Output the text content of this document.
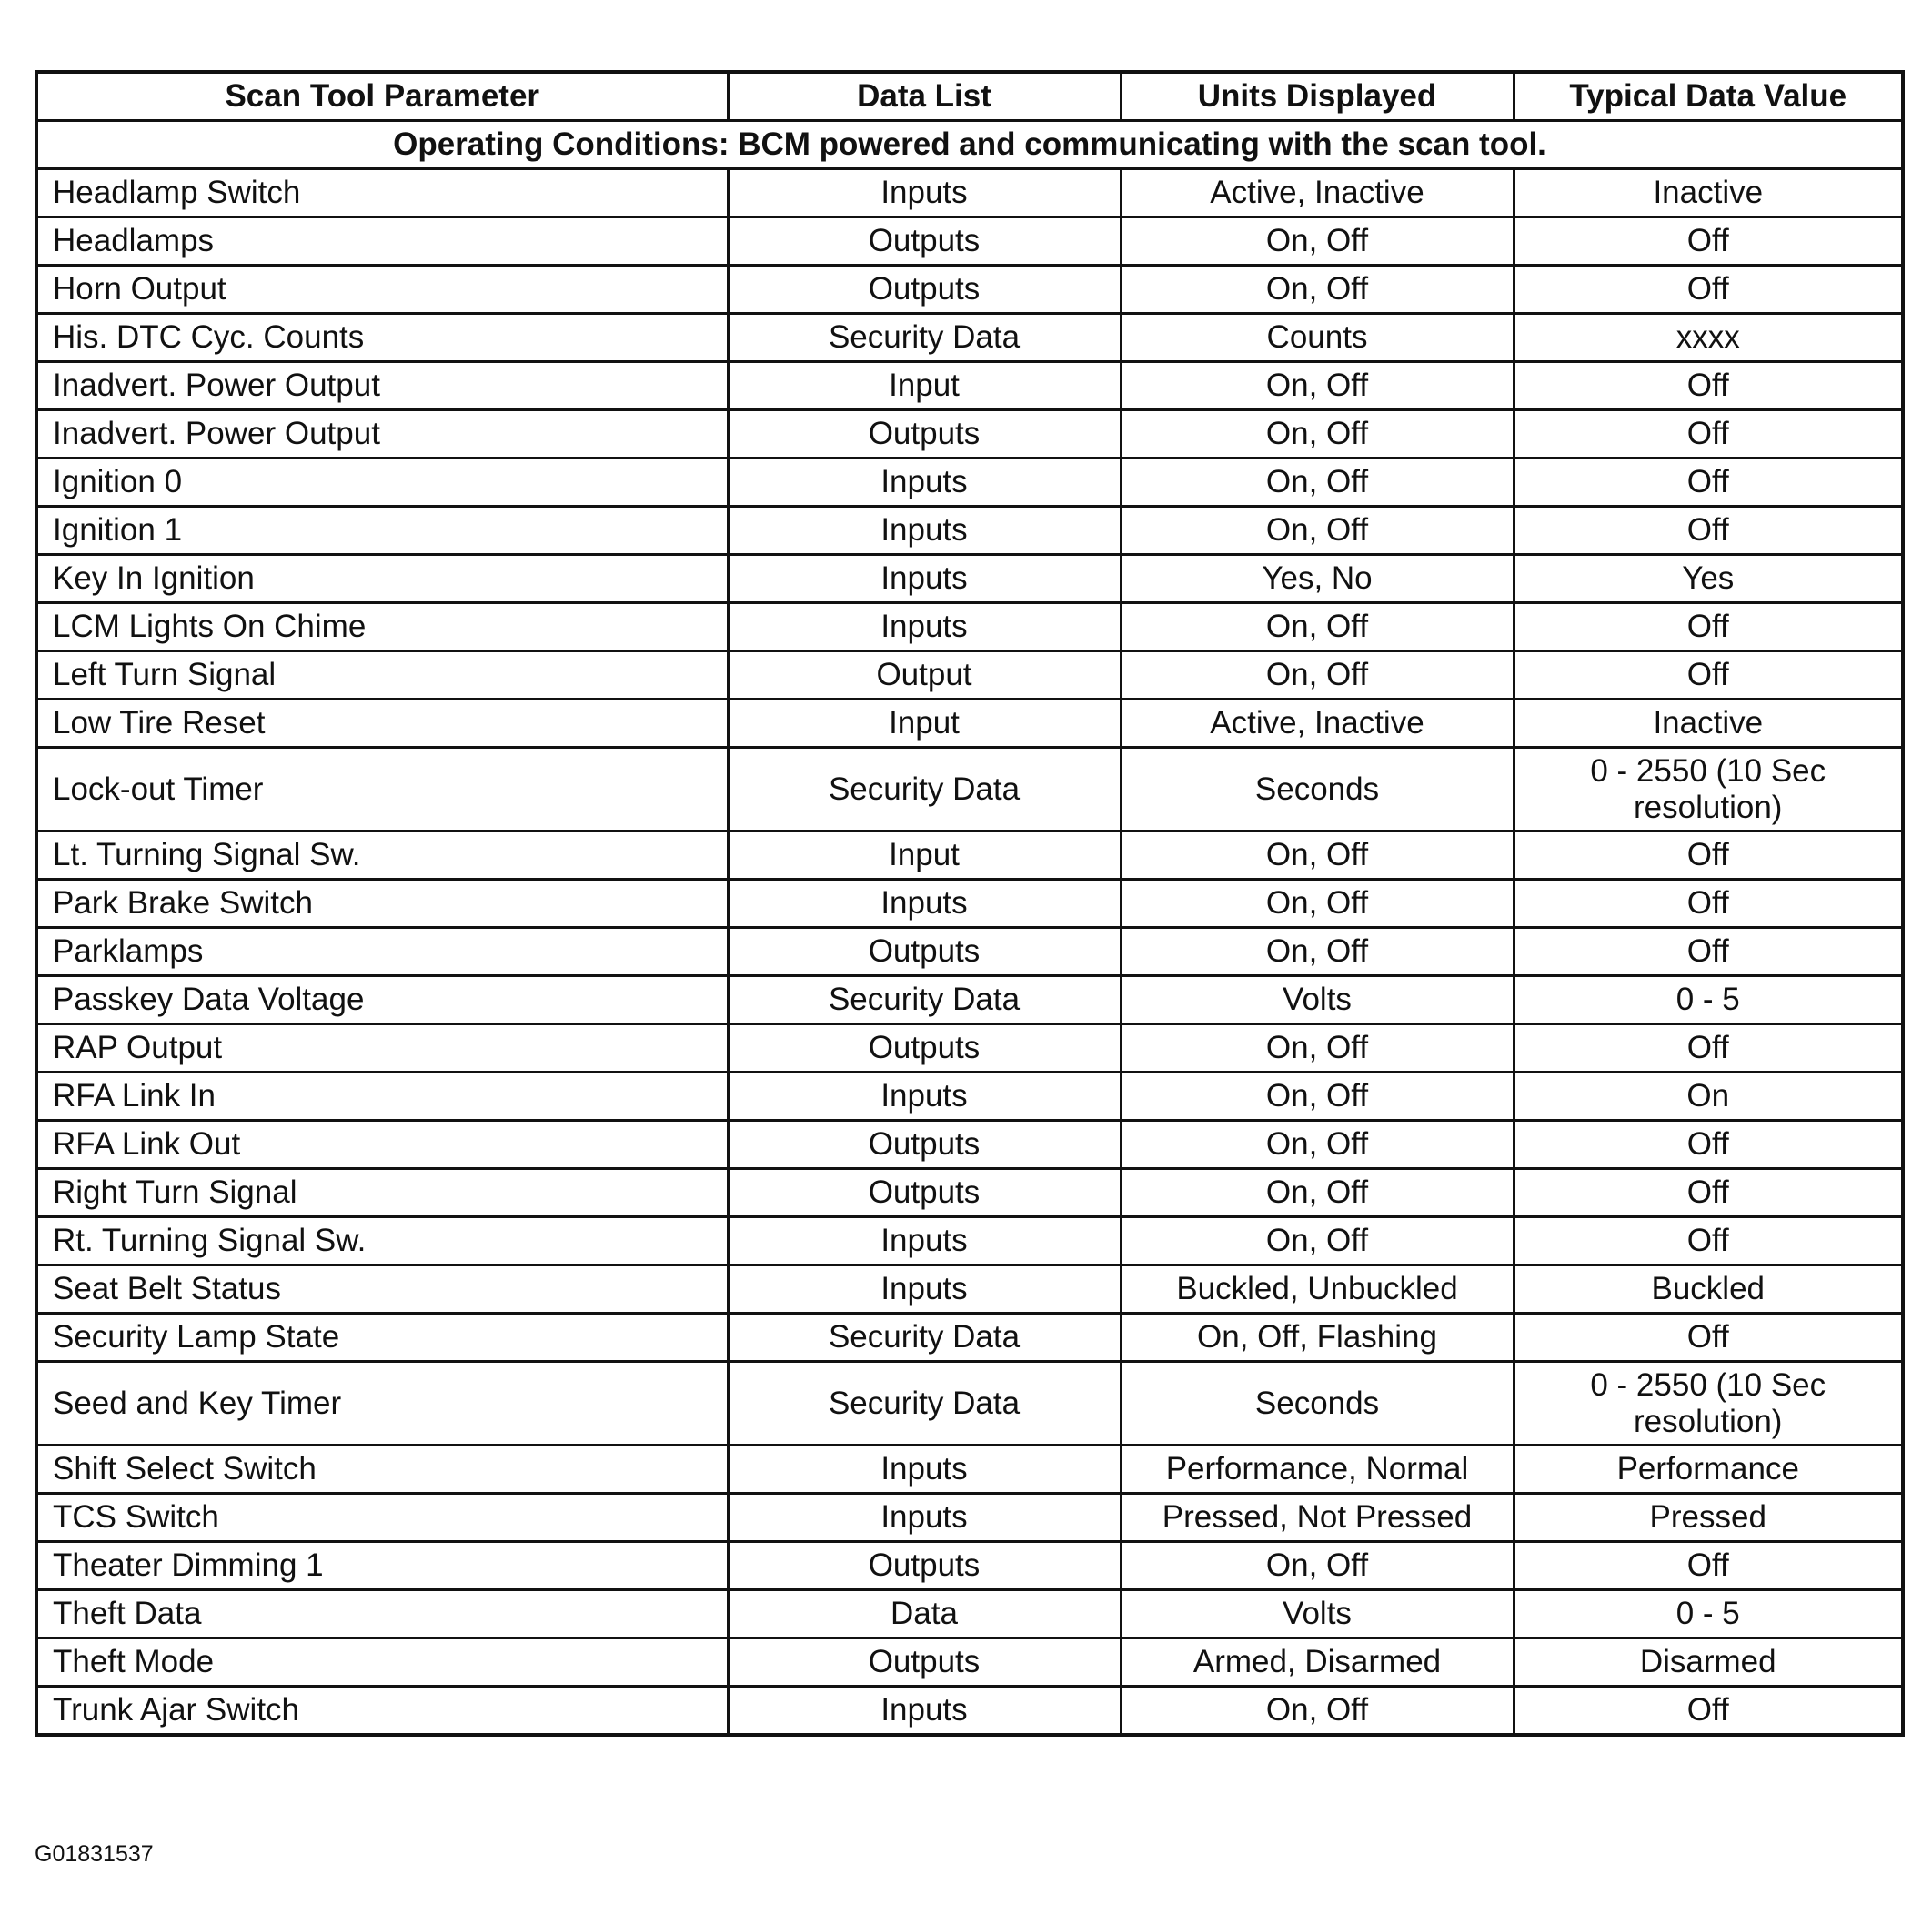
Scan Tool Parameter	Data List	Units Displayed	Typical Data Value
Operating Conditions: BCM powered and communicating with the scan tool.			
Headlamp Switch	Inputs	Active, Inactive	Inactive
Headlamps	Outputs	On, Off	Off
Horn Output	Outputs	On, Off	Off
His. DTC Cyc. Counts	Security Data	Counts	xxxx
Inadvert. Power Output	Input	On, Off	Off
Inadvert. Power Output	Outputs	On, Off	Off
Ignition 0	Inputs	On, Off	Off
Ignition 1	Inputs	On, Off	Off
Key In Ignition	Inputs	Yes, No	Yes
LCM Lights On Chime	Inputs	On, Off	Off
Left Turn Signal	Output	On, Off	Off
Low Tire Reset	Input	Active, Inactive	Inactive
Lock-out Timer	Security Data	Seconds	0 - 2550 (10 Sec resolution)
Lt. Turning Signal Sw.	Input	On, Off	Off
Park Brake Switch	Inputs	On, Off	Off
Parklamps	Outputs	On, Off	Off
Passkey Data Voltage	Security Data	Volts	0 - 5
RAP Output	Outputs	On, Off	Off
RFA Link In	Inputs	On, Off	On
RFA Link Out	Outputs	On, Off	Off
Right Turn Signal	Outputs	On, Off	Off
Rt. Turning Signal Sw.	Inputs	On, Off	Off
Seat Belt Status	Inputs	Buckled, Unbuckled	Buckled
Security Lamp State	Security Data	On, Off, Flashing	Off
Seed and Key Timer	Security Data	Seconds	0 - 2550 (10 Sec resolution)
Shift Select Switch	Inputs	Performance, Normal	Performance
TCS Switch	Inputs	Pressed, Not Pressed	Pressed
Theater Dimming 1	Outputs	On, Off	Off
Theft Data	Data	Volts	0 - 5
Theft Mode	Outputs	Armed, Disarmed	Disarmed
Trunk Ajar Switch	Inputs	On, Off	Off
G01831537
